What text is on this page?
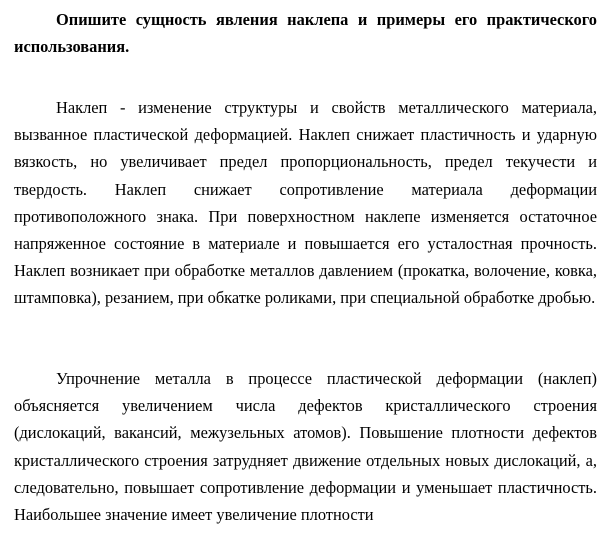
Опишите сущность явления наклепа и примеры его практического использования.

Наклеп - изменение структуры и свойств металлического материала, вызванное пластической деформацией. Наклеп снижает пластичность и ударную вязкость, но увеличивает предел пропорциональность, предел текучести и твердость. Наклеп снижает сопротивление материала деформации противоположного знака. При поверхностном наклепе изменяется остаточное напряженное состояние в материале и повышается его усталостная прочность. Наклеп возникает при обработке металлов давлением (прокатка, волочение, ковка, штамповка), резанием, при обкатке роликами, при специальной обработке дробью.

Упрочнение металла в процессе пластической деформации (наклеп) объясняется увеличением числа дефектов кристаллического строения (дислокаций, вакансий, межузельных атомов). Повышение плотности дефектов кристаллического строения затрудняет движение отдельных новых дислокаций, а, следовательно, повышает сопротивление деформации и уменьшает пластичность. Наибольшее значение имеет увеличение плотности
